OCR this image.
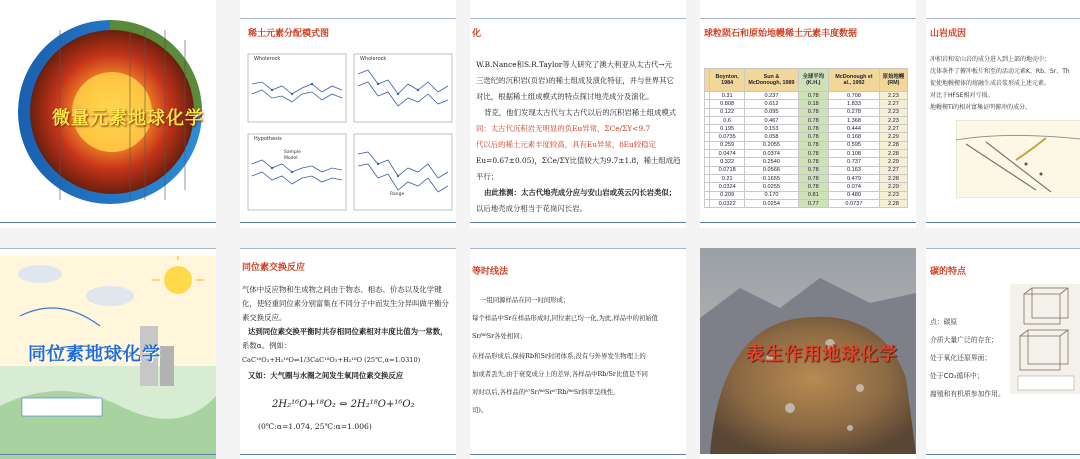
微量元素地球化学
稀土元素分配模式图
Wholerock	Wholerock
Hypothesis
Sample
Model
Range
化
W.B.Nance和S.R.Taylor等人研究了澳大利亚从太古代→元
三迭纪的沉积岩(页岩)的稀土组成及演化特征，并与世界其它
对比，根据稀土组成模式的特点探讨地壳成分及演化。
背克，他们发现太古代与太古代以后的沉积岩稀土组成模式
同：太古代沉积岩无明显的负Eu异常，ΣCe/ΣY<9.7
代以后的稀土元素丰度较高，具有Eu异常，δEu较稳定
Eu=0.67±0.05)，ΣCe/ΣY比值较大为9.7±1.8，稀土组成趋
平行；
由此推测：太古代地壳成分应与安山岩或英云闪长岩类似；
以后地壳成分相当于花岗闪长岩。
球粒陨石和原始地幔稀土元素丰度数据
	Boynton, 1984	Sun & McDonough, 1989	全球平均(K.H.)	McDonough et al., 1992	原始地幔(RM)
	0.31	0.237	0.78	0.708	2.23
	0.808	0.612	0.18	1.833	2.27
	0.122	0.095	0.78	0.278	2.23
	0.6	0.467	0.78	1.368	2.23
	0.195	0.153	0.78	0.444	2.27
	0.0735	0.058	0.78	0.168	2.29
	0.259	0.2055	0.78	0.595	2.28
	0.0474	0.0374	0.78	0.108	2.28
	0.322	0.2540	0.78	0.737	2.29
	0.0718	0.0566	0.78	0.163	2.27
	0.21	0.1655	0.78	0.479	2.28
	0.0324	0.0255	0.78	0.074	2.29
	0.209	0.170	0.81	0.480	2.23
	0.0322	0.0254	0.77	0.0737	2.28
山岩成因
冲积岩和安山岩的成分进入到上部的地壳中；
沈体条件了俯冲板片和至的活动元素K、Rb、Sr、Th
促使地幔楔体的熔融生成岩浆形成上述元素。
对比于HFSE相对亏损。
地幔楔Ti的相对富集证明俯冲的成分。
同位素地球化学
同位素交换反应
气体中反应物和生成物之间由于物态、相态、价态以及化学键
化，使轻重同位素分别富集在不同分子中而发生分异叫做平衡分
素交换反应。
达到同位素交换平衡时共存相同位素相对丰度比值为一常数，
系数α。例如：
CaC¹⁶O₃+H₂¹⁸O⇌1/3CaC¹⁸O₃+H₂¹⁶O (25℃,α=1.0310)
又如：大气圈与水圈之间发生氧同位素交换反应
2H₂¹⁶O+¹⁸O₂ ⇔ 2H₂¹⁸O+¹⁶O₂
(0℃:α=1.074, 25℃:α=1.006)
等时线法
一组同源样品在同一时间形成；
每个样品中Sr在样品形成时,同位素已均一化,为此,样品中的初始值
Sr/⁸⁶Sr各处相同；
在样品形成后,保持Rb和Sr封闭体系,没有与外界发生物理上的
加或者丢失,由于衰变成分上的差异,各样品中Rb/Sr比值是不同
对时以后,各样品的⁸⁷Sr/⁸⁶Sr⁸⁷Rb/⁸⁶Sr斜率呈线性,
司)。
表生作用地球化学
碳的特点
点：碳原
介质大量广泛的存在；
处于氧化还原界面；
处于CO₂循环中；
腐殖和有机质参加作用。
